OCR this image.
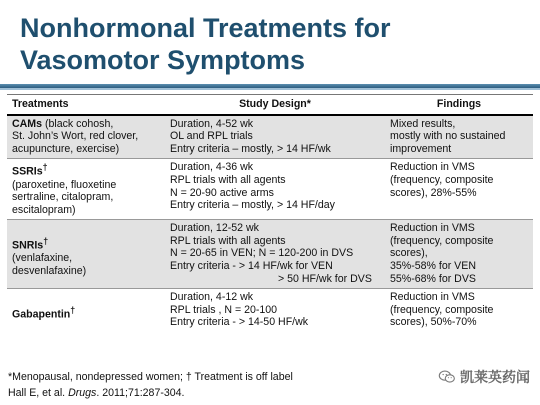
Nonhormonal Treatments for Vasomotor Symptoms
Treatments	Study Design*	Findings

CAMs (black cohosh,
St. John’s Wort, red clover,
acupuncture, exercise)	Duration, 4-52 wk
OL and RPL trials
Entry criteria – mostly, > 14 HF/wk	Mixed results,
mostly with no sustained
improvement

SSRIs†
(paroxetine, fluoxetine
sertraline, citalopram,
escitalopram)	Duration, 4-36 wk
RPL trials with all agents
N = 20-90 active arms
Entry criteria – mostly, > 14 HF/day	Reduction in VMS
(frequency, composite
scores), 28%-55%

SNRIs†
(venlafaxine,
desvenlafaxine)	Duration, 12-52 wk
RPL trials with all agents
N = 20-65 in VEN; N = 120-200 in DVS
Entry criteria - > 14 HF/wk for VEN
> 50 HF/wk for DVS	Reduction in VMS
(frequency, composite
scores),
35%-58% for VEN
55%-68% for DVS

Gabapentin†	Duration, 4-12 wk
RPL trials , N = 20-100
Entry criteria - > 14-50 HF/wk	Reduction in VMS
(frequency, composite
scores), 50%-70%
*Menopausal, nondepressed women; † Treatment is off label
Hall E, et al. Drugs. 2011;71:287-304.
凯莱英药闻
